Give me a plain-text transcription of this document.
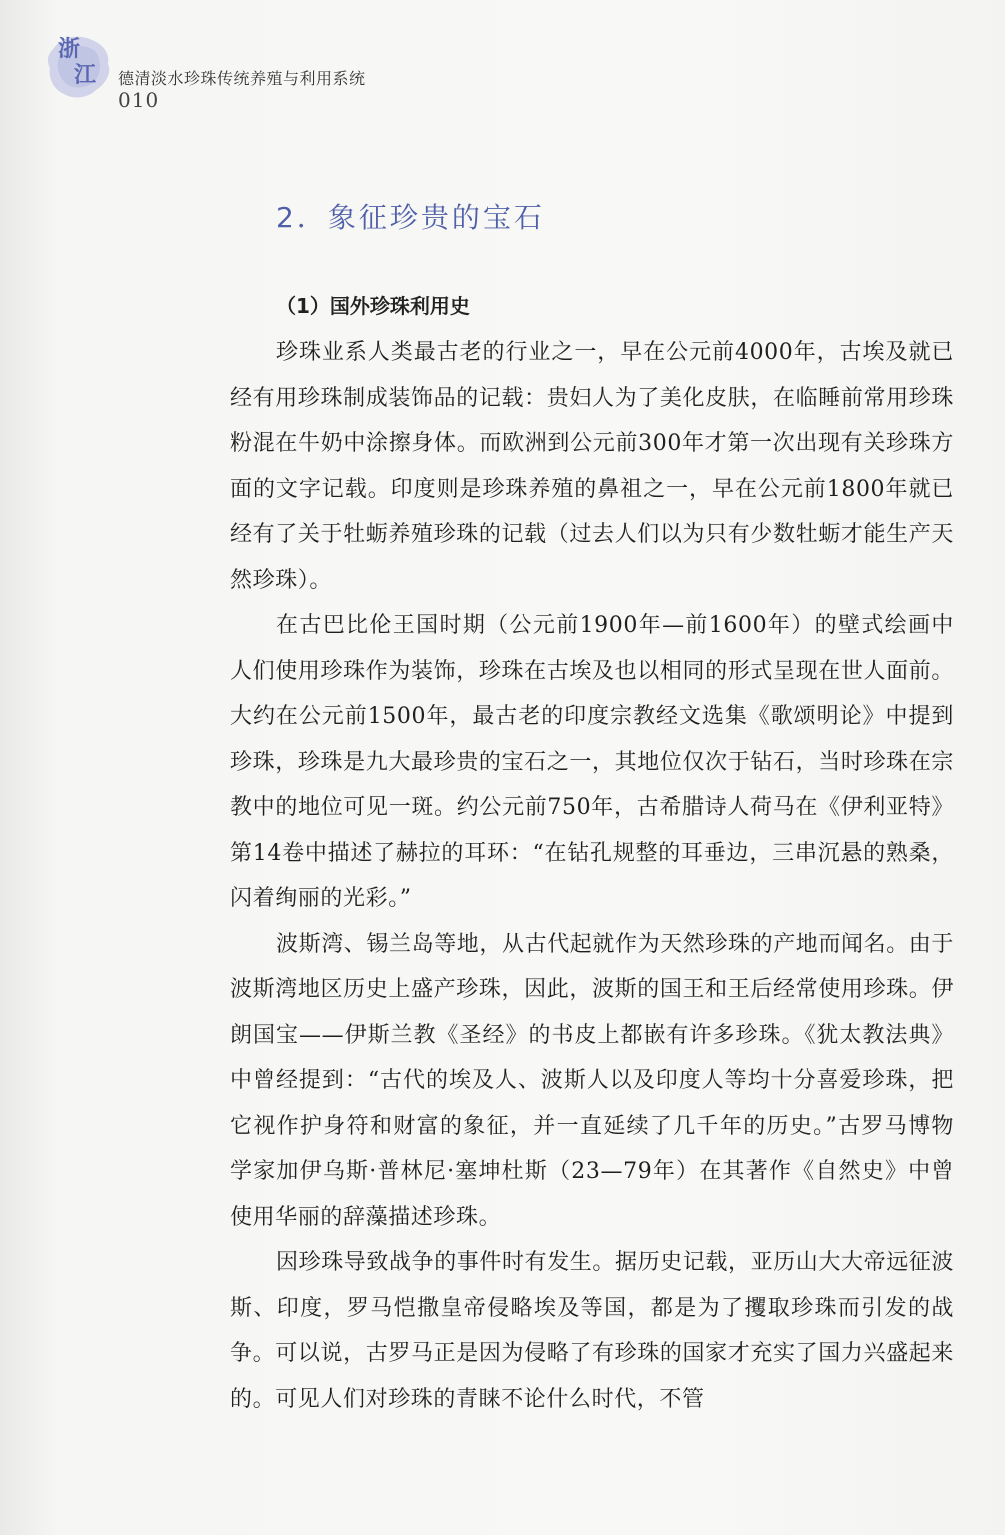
浙
江	德清淡水珍珠传统养殖与利用系统
010
2．象征珍贵的宝石
（1）国外珍珠利用史

珍珠业系人类最古老的行业之一，早在公元前4000年，古埃及就已经有用珍珠制成装饰品的记载：贵妇人为了美化皮肤，在临睡前常用珍珠粉混在牛奶中涂擦身体。而欧洲到公元前300年才第一次出现有关珍珠方面的文字记载。印度则是珍珠养殖的鼻祖之一，早在公元前1800年就已经有了关于牡蛎养殖珍珠的记载（过去人们以为只有少数牡蛎才能生产天然珍珠）。

在古巴比伦王国时期（公元前1900年—前1600年）的壁式绘画中人们使用珍珠作为装饰，珍珠在古埃及也以相同的形式呈现在世人面前。大约在公元前1500年，最古老的印度宗教经文选集《歌颂明论》中提到珍珠，珍珠是九大最珍贵的宝石之一，其地位仅次于钻石，当时珍珠在宗教中的地位可见一斑。约公元前750年，古希腊诗人荷马在《伊利亚特》第14卷中描述了赫拉的耳环：“在钻孔规整的耳垂边，三串沉悬的熟桑，闪着绚丽的光彩。”

波斯湾、锡兰岛等地，从古代起就作为天然珍珠的产地而闻名。由于波斯湾地区历史上盛产珍珠，因此，波斯的国王和王后经常使用珍珠。伊朗国宝——伊斯兰教《圣经》的书皮上都嵌有许多珍珠。《犹太教法典》中曾经提到：“古代的埃及人、波斯人以及印度人等均十分喜爱珍珠，把它视作护身符和财富的象征，并一直延续了几千年的历史。”古罗马博物学家加伊乌斯·普林尼·塞坤杜斯（23—79年）在其著作《自然史》中曾使用华丽的辞藻描述珍珠。

因珍珠导致战争的事件时有发生。据历史记载，亚历山大大帝远征波斯、印度，罗马恺撒皇帝侵略埃及等国，都是为了攫取珍珠而引发的战争。可以说，古罗马正是因为侵略了有珍珠的国家才充实了国力兴盛起来的。可见人们对珍珠的青睐不论什么时代，不管
